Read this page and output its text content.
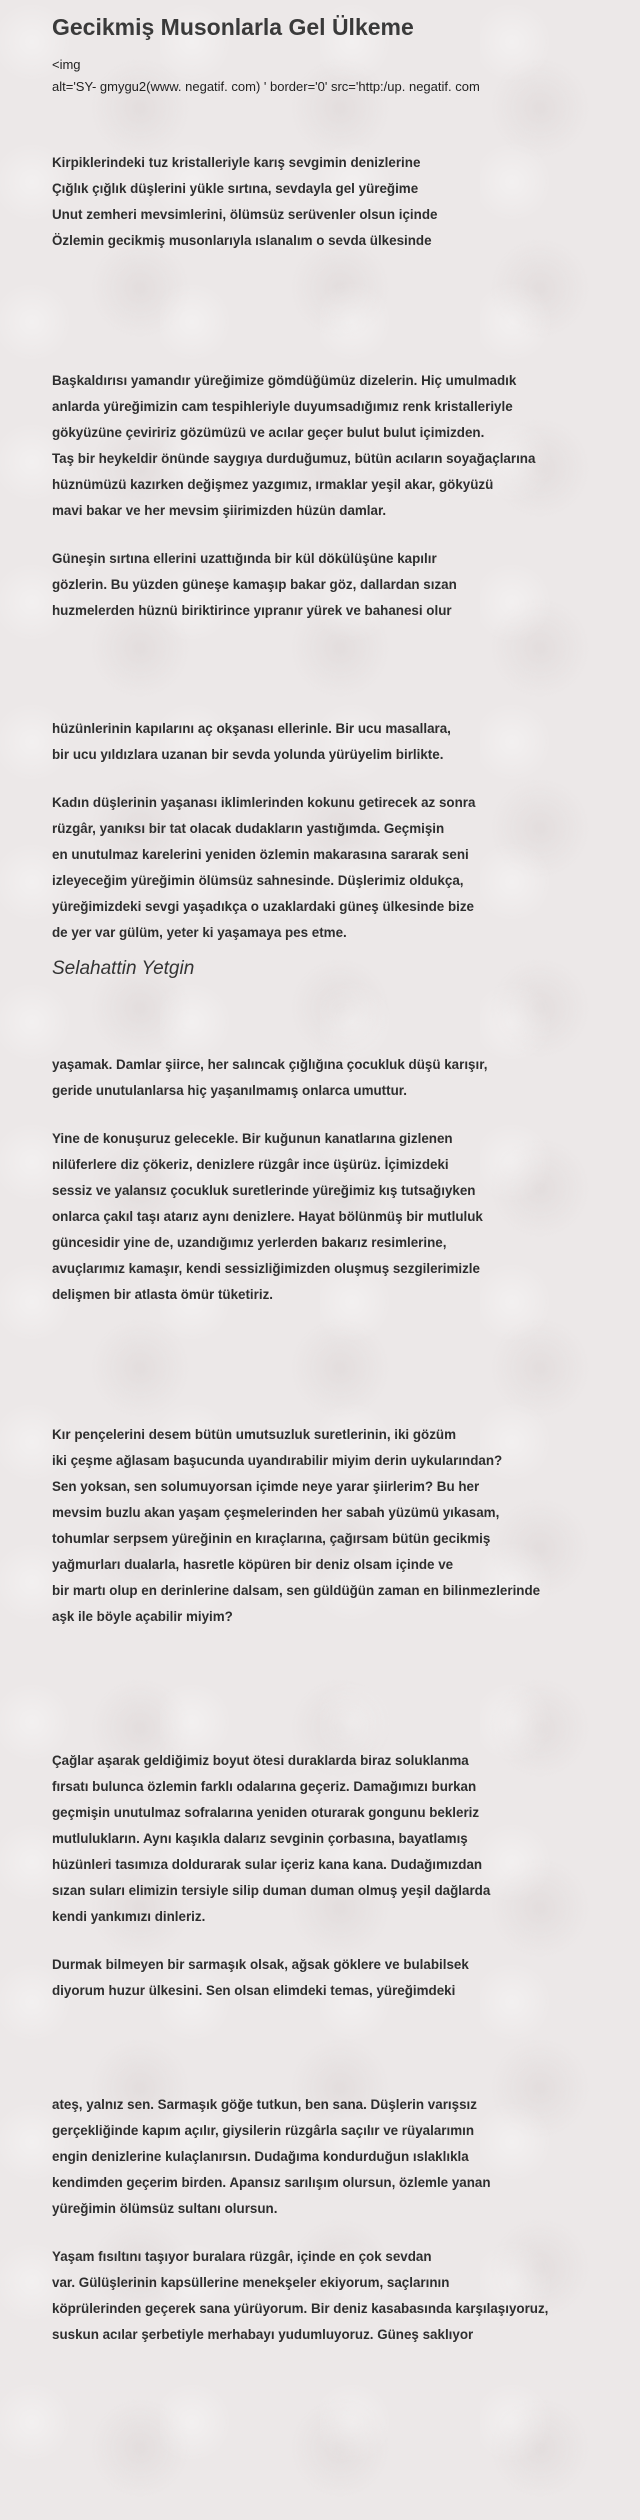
Gecikmiş Musonlarla Gel Ülkeme
<img
alt='SY- gmygu2(www. negatif. com) ' border='0' src='http:/up. negatif. com
Kirpiklerindeki tuz kristalleriyle karış sevgimin denizlerine
Çığlık çığlık düşlerini yükle sırtına, sevdayla gel yüreğime
Unut zemheri mevsimlerini, ölümsüz serüvenler olsun içinde
Özlemin gecikmiş musonlarıyla ıslanalım o sevda ülkesinde
Başkaldırısı yamandır yüreğimize gömdüğümüz dizelerin. Hiç umulmadık
anlarda yüreğimizin cam tespihleriyle duyumsadığımız renk kristalleriyle
gökyüzüne çeviririz gözümüzü ve acılar geçer bulut bulut içimizden.
Taş bir heykeldir önünde saygıya durduğumuz, bütün acıların soyağaçlarına
hüznümüzü kazırken değişmez yazgımız, ırmaklar yeşil akar, gökyüzü
mavi bakar ve her mevsim şiirimizden hüzün damlar.
Güneşin sırtına ellerini uzattığında bir kül dökülüşüne kapılır
gözlerin. Bu yüzden güneşe kamaşıp bakar göz, dallardan sızan
huzmelerden hüznü biriktirince yıpranır yürek ve bahanesi olur
hüzünlerinin kapılarını aç okşanası ellerinle. Bir ucu masallara,
bir ucu yıldızlara uzanan bir sevda yolunda yürüyelim birlikte.
Kadın düşlerinin yaşanası iklimlerinden kokunu getirecek az sonra
rüzgâr, yanıksı bir tat olacak dudakların yastığımda. Geçmişin
en unutulmaz karelerini yeniden özlemin makarasına sararak seni
izleyeceğim yüreğimin ölümsüz sahnesinde. Düşlerimiz oldukça,
yüreğimizdeki sevgi yaşadıkça o uzaklardaki güneş ülkesinde bize
de yer var gülüm, yeter ki yaşamaya pes etme.
Selahattin Yetgin
yaşamak. Damlar şiirce, her salıncak çığlığına çocukluk düşü karışır,
geride unutulanlarsa hiç yaşanılmamış onlarca umuttur.
Yine de konuşuruz gelecekle. Bir kuğunun kanatlarına gizlenen
nilüferlere diz çökeriz, denizlere rüzgâr ince üşürüz. İçimizdeki
sessiz ve yalansız çocukluk suretlerinde yüreğimiz kış tutsağıyken
onlarca çakıl taşı atarız aynı denizlere. Hayat bölünmüş bir mutluluk
güncesidir yine de, uzandığımız yerlerden bakarız resimlerine,
avuçlarımız kamaşır, kendi sessizliğimizden oluşmuş sezgilerimizle
delişmen bir atlasta ömür tüketiriz.
Kır pençelerini desem bütün umutsuzluk suretlerinin, iki gözüm
iki çeşme ağlasam başucunda uyandırabilir miyim derin uykularından?
Sen yoksan, sen solumuyorsan içimde neye yarar şiirlerim? Bu her
mevsim buzlu akan yaşam çeşmelerinden her sabah yüzümü yıkasam,
tohumlar serpsem yüreğinin en kıraçlarına, çağırsam bütün gecikmiş
yağmurları dualarla, hasretle köpüren bir deniz olsam içinde ve
bir martı olup en derinlerine dalsam, sen güldüğün zaman en bilinmezlerinde
aşk ile böyle açabilir miyim?
Çağlar aşarak geldiğimiz boyut ötesi duraklarda biraz soluklanma
fırsatı bulunca özlemin farklı odalarına geçeriz. Damağımızı burkan
geçmişin unutulmaz sofralarına yeniden oturarak gongunu bekleriz
mutlulukların. Aynı kaşıkla dalarız sevginin çorbasına, bayatlamış
hüzünleri tasımıza doldurarak sular içeriz kana kana. Dudağımızdan
sızan suları elimizin tersiyle silip duman duman olmuş yeşil dağlarda
kendi yankımızı dinleriz.
Durmak bilmeyen bir sarmaşık olsak, ağsak göklere ve bulabilsek
diyorum huzur ülkesini. Sen olsan elimdeki temas, yüreğimdeki
ateş, yalnız sen. Sarmaşık göğe tutkun, ben sana. Düşlerin varışsız
gerçekliğinde kapım açılır, giysilerin rüzgârla saçılır ve rüyalarımın
engin denizlerine kulaçlanırsın. Dudağıma kondurduğun ıslaklıkla
kendimden geçerim birden. Apansız sarılışım olursun, özlemle yanan
yüreğimin ölümsüz sultanı olursun.
Yaşam fısıltını taşıyor buralara rüzgâr, içinde en çok sevdan
var. Gülüşlerinin kapsüllerine menekşeler ekiyorum, saçlarının
köprülerinden geçerek sana yürüyorum. Bir deniz kasabasında karşılaşıyoruz,
suskun acılar şerbetiyle merhabayı yudumluyoruz. Güneş saklıyor
